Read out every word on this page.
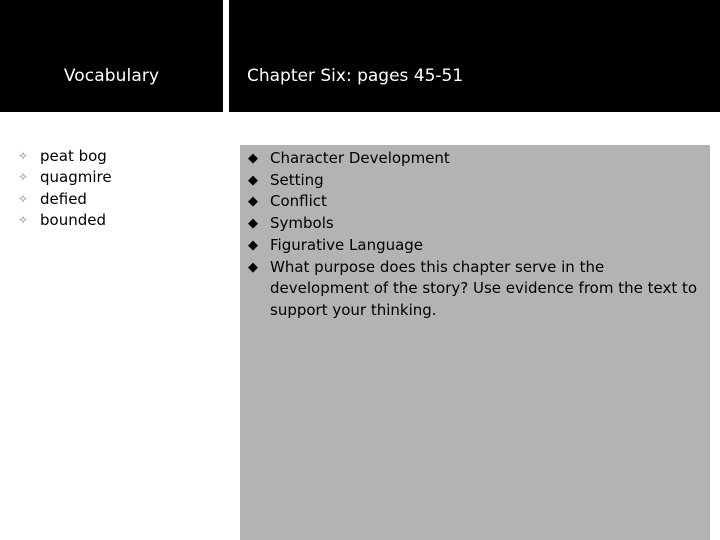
Vocabulary	Chapter Six: pages 45-51
✧ peat bog
✧ quagmire
✧ defied
✧ bounded
◆ Character Development
◆ Setting
◆ Conflict
◆ Symbols
◆ Figurative Language
◆ What purpose does this chapter serve in the development of the story? Use evidence from the text to support your thinking.
